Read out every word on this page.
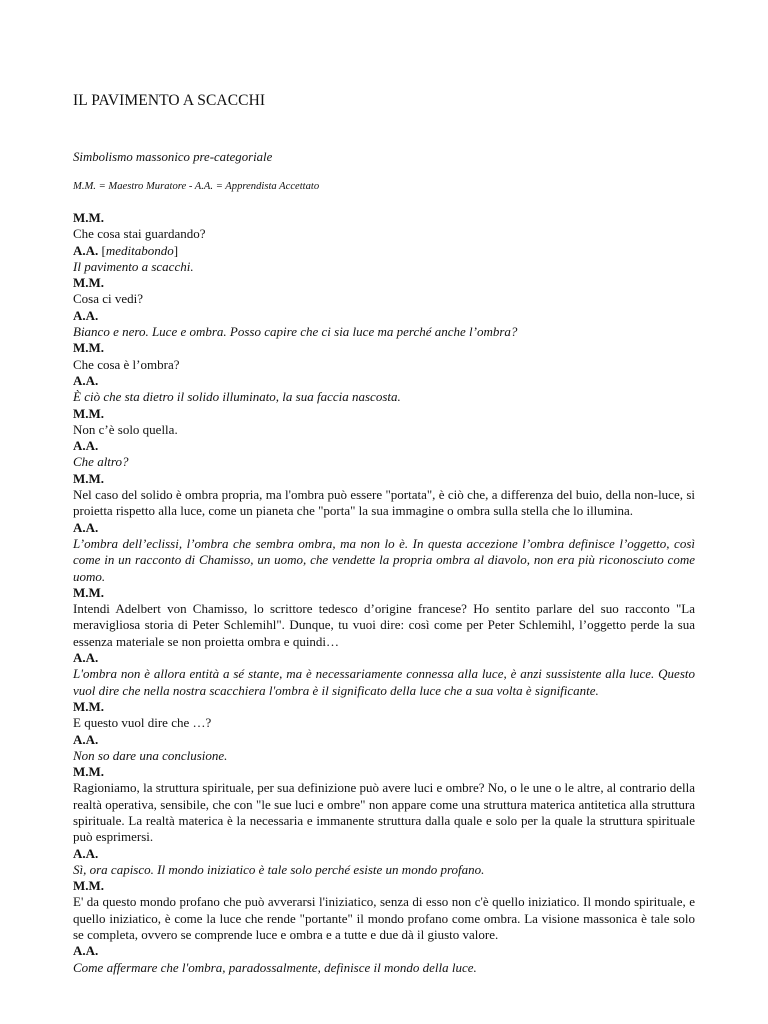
IL PAVIMENTO A SCACCHI
Simbolismo massonico pre-categoriale
M.M. = Maestro Muratore - A.A. = Apprendista Accettato

M.M.

Che cosa stai guardando?

A.A. [meditabondo]

Il pavimento a scacchi.

M.M.

Cosa ci vedi?

A.A.

Bianco e nero. Luce e ombra. Posso capire che ci sia luce ma perché anche l’ombra?

M.M.

Che cosa è l’ombra?

A.A.

È ciò che sta dietro il solido illuminato, la sua faccia nascosta.

M.M.

Non c’è solo quella.

A.A.

Che altro?

M.M.

Nel caso del solido è ombra propria, ma l'ombra può essere "portata", è ciò che, a differenza del buio, della non-luce, si proietta rispetto alla luce, come un pianeta che "porta" la sua immagine o ombra sulla stella che lo illumina.

A.A.

L’ombra dell’eclissi, l’ombra che sembra ombra, ma non lo è. In questa accezione l’ombra definisce l’oggetto, così come in un racconto di Chamisso, un uomo, che vendette la propria ombra al diavolo, non era più riconosciuto come uomo.

M.M.

Intendi Adelbert von Chamisso, lo scrittore tedesco d’origine francese? Ho sentito parlare del suo racconto "La meravigliosa storia di Peter Schlemihl". Dunque, tu vuoi dire: così come per Peter Schlemihl, l’oggetto perde la sua essenza materiale se non proietta ombra e quindi…

A.A.

L'ombra non è allora entità a sé stante, ma è necessariamente connessa alla luce, è anzi sussistente alla luce. Questo vuol dire che nella nostra scacchiera l'ombra è il significato della luce che a sua volta è significante.

M.M.

E questo vuol dire che …?

A.A.

Non so dare una conclusione.

M.M.

Ragioniamo, la struttura spirituale, per sua definizione può avere luci e ombre? No, o le une o le altre, al contrario della realtà operativa, sensibile, che con "le sue luci e ombre" non appare come una struttura materica antitetica alla struttura spirituale. La realtà materica è la necessaria e immanente struttura dalla quale e solo per la quale la struttura spirituale può esprimersi.

A.A.

Sì, ora capisco. Il mondo iniziatico è tale solo perché esiste un mondo profano.

M.M.

E' da questo mondo profano che può avverarsi l'iniziatico, senza di esso non c'è quello iniziatico. Il mondo spirituale, e quello iniziatico, è come la luce che rende "portante" il mondo profano come ombra. La visione massonica è tale solo se completa, ovvero se comprende luce e ombra e a tutte e due dà il giusto valore.

A.A.

Come affermare che l'ombra, paradossalmente, definisce il mondo della luce.
